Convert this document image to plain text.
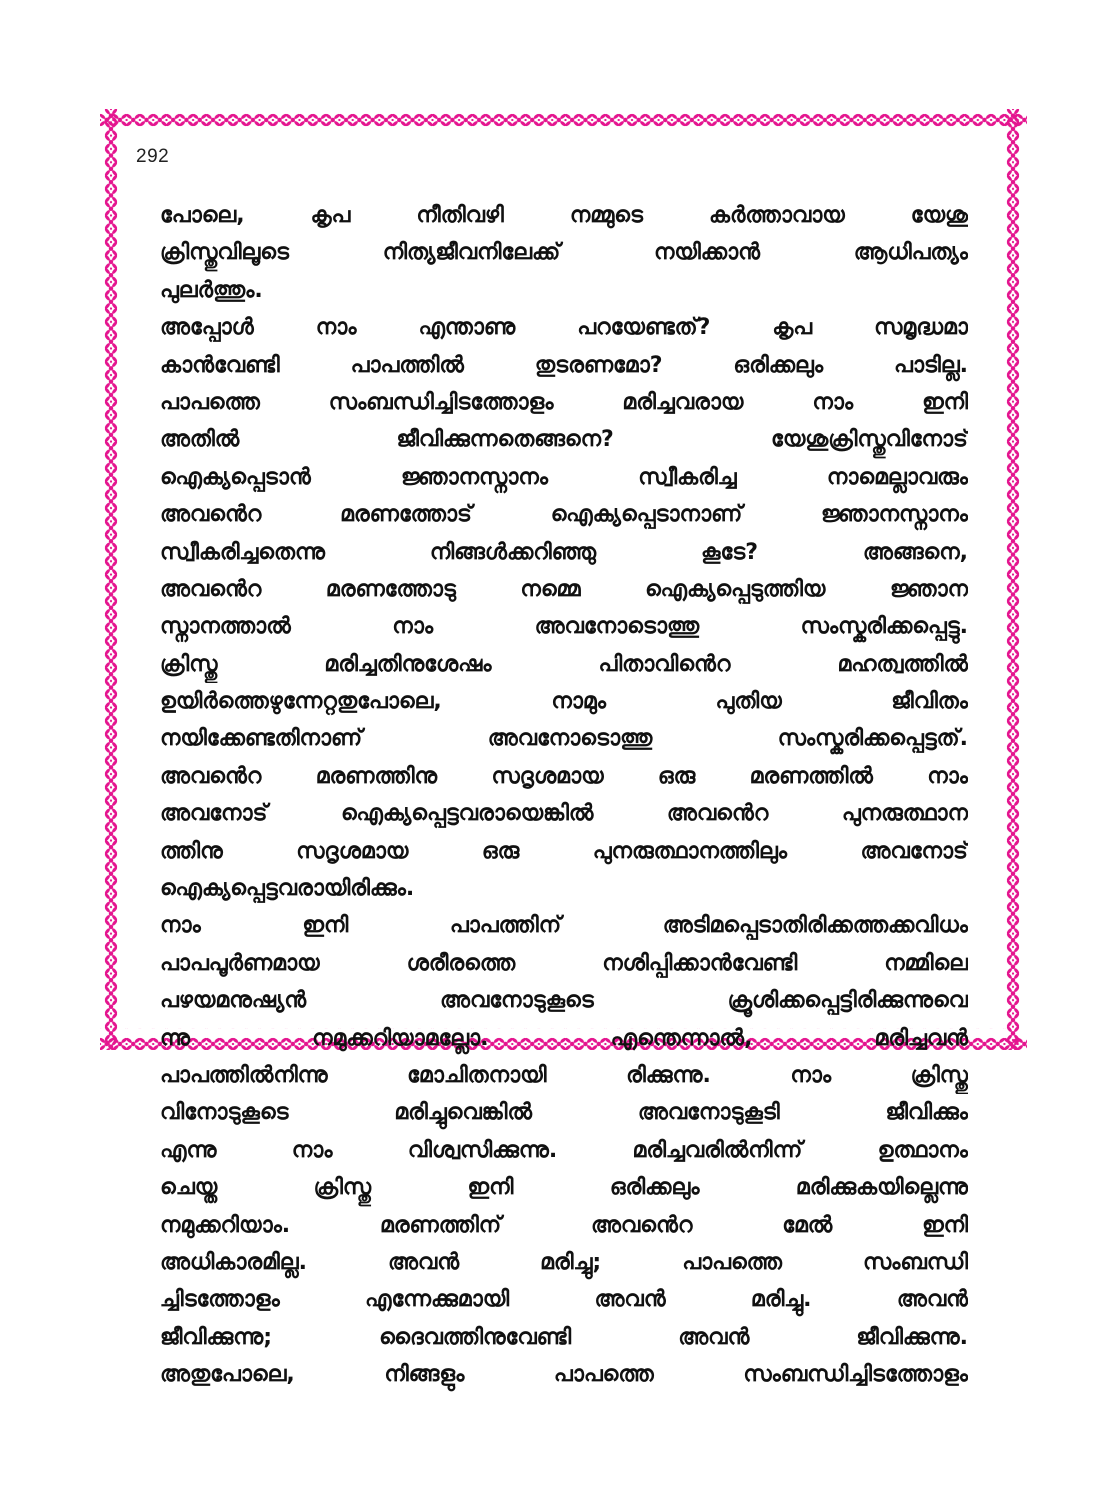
292
പോലെ, കൃപ നീതിവഴി നമ്മുടെ കർത്താവായ യേശു
ക്രിസ്തുവിലൂടെ നിത്യജീവനിലേക്ക് നയിക്കാൻ ആധിപത്യം
പുലർത്തും.
അപ്പോൾ നാം എന്താണു പറയേണ്ടത്? കൃപ സമൃദ്ധമാ
കാൻവേണ്ടി പാപത്തിൽ തുടരണമോ? ഒരിക്കലും പാടില്ല.
പാപത്തെ സംബന്ധിച്ചിടത്തോളം മരിച്ചവരായ നാം ഇനി
അതിൽ ജീവിക്കുന്നതെങ്ങനെ? യേശുക്രിസ്തുവിനോട്
ഐക്യപ്പെടാൻ ജ്ഞാനസ്നാനം സ്വീകരിച്ച നാമെല്ലാവരും
അവൻെറ മരണത്തോട് ഐക്യപ്പെടാനാണ് ജ്ഞാനസ്നാനം
സ്വീകരിച്ചതെന്നു നിങ്ങൾക്കറിഞ്ഞു കൂടേ? അങ്ങനെ,
അവൻെറ മരണത്തോടു നമ്മെ ഐക്യപ്പെടുത്തിയ ജ്ഞാന
സ്നാനത്താൽ നാം അവനോടൊത്തു സംസ്കരിക്കപ്പെട്ടു.
ക്രിസ്തു മരിച്ചതിനുശേഷം പിതാവിൻെറ മഹത്വത്തിൽ
ഉയിർത്തെഴുന്നേറ്റതുപോലെ, നാമും പുതിയ ജീവിതം
നയിക്കേണ്ടതിനാണ് അവനോടൊത്തു സംസ്കരിക്കപ്പെട്ടത്.
അവൻെറ മരണത്തിനു സദൃശമായ ഒരു മരണത്തിൽ നാം
അവനോട് ഐക്യപ്പെട്ടവരായെങ്കിൽ അവൻെറ പുനരുത്ഥാന
ത്തിനു സദൃശമായ ഒരു പുനരുത്ഥാനത്തിലും അവനോട്
ഐക്യപ്പെട്ടവരായിരിക്കും.
നാം ഇനി പാപത്തിന് അടിമപ്പെടാതിരിക്കത്തക്കവിധം
പാപപൂർണമായ ശരീരത്തെ നശിപ്പിക്കാൻവേണ്ടി നമ്മിലെ
പഴയമനുഷ്യൻ അവനോടുകൂടെ ക്രൂശിക്കപ്പെട്ടിരിക്കുന്നുവെ
ന്നു നമുക്കറിയാമല്ലോ. എന്തെന്നാൽ, മരിച്ചവൻ
പാപത്തിൽനിന്നു മോചിതനായി രിക്കുന്നു. നാം ക്രിസ്തു
വിനോടുകൂടെ മരിച്ചുവെങ്കിൽ അവനോടുകൂടി ജീവിക്കും
എന്നു നാം വിശ്വസിക്കുന്നു. മരിച്ചവരിൽനിന്ന് ഉത്ഥാനം
ചെയ്ത ക്രിസ്തു ഇനി ഒരിക്കലും മരിക്കുകയില്ലെന്നു
നമുക്കറിയാം. മരണത്തിന് അവൻെറ മേൽ ഇനി
അധികാരമില്ല. അവൻ മരിച്ചു; പാപത്തെ സംബന്ധി
ച്ചിടത്തോളം എന്നേക്കുമായി അവൻ മരിച്ചു. അവൻ
ജീവിക്കുന്നു; ദൈവത്തിനുവേണ്ടി അവൻ ജീവിക്കുന്നു.
അതുപോലെ, നിങ്ങളും പാപത്തെ സംബന്ധിച്ചിടത്തോളം
